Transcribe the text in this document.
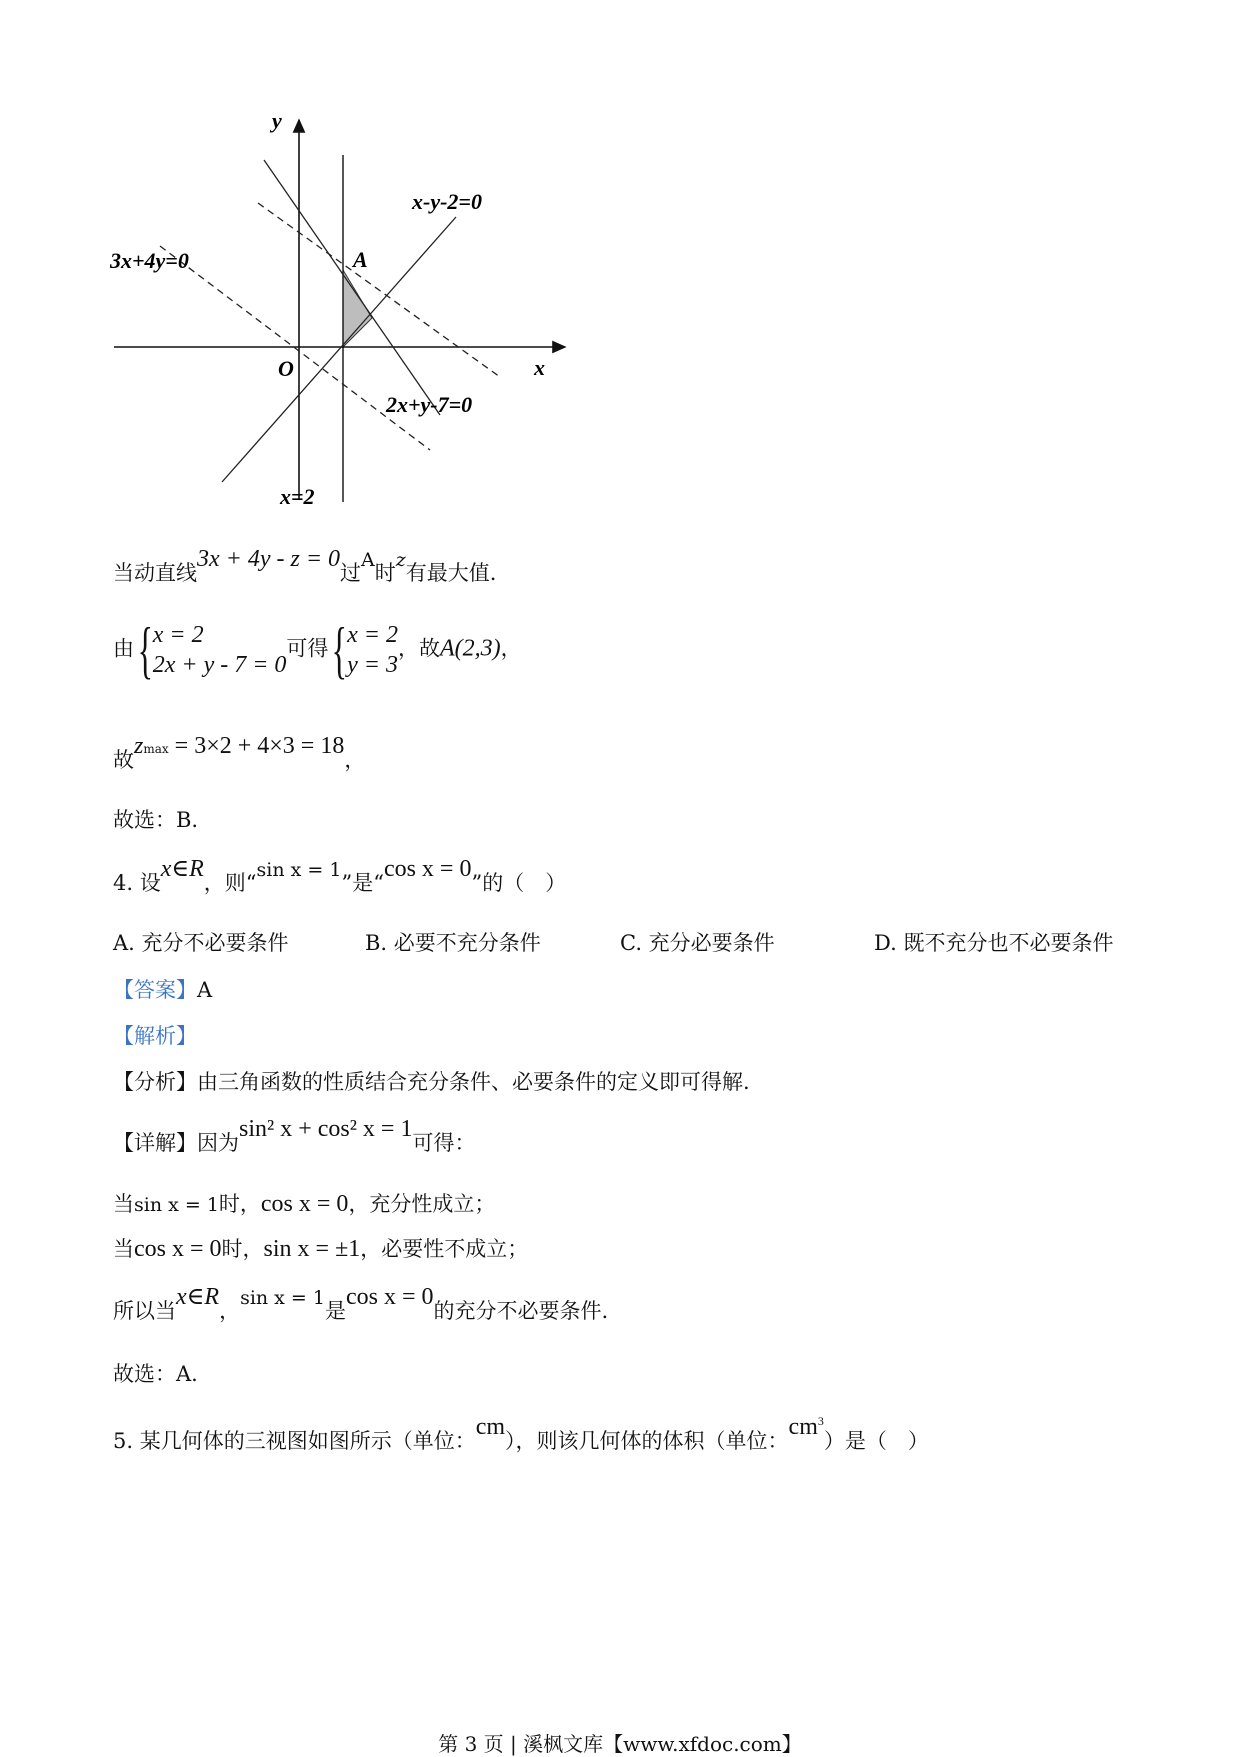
y
x
O
A
x-y-2=0
3x+4y=0
2x+y-7=0
x=2
当动直线3x + 4y - z = 0过A时z有最大值.
由{ x = 2
2x + y - 7 = 0
可得{ x = 2
y = 3
，故A(2,3)，
故zmax = 3×2 + 4×3 = 18，
故选：B.
4. 设x∈R，则“sin x = 1”是“cos x = 0”的（　）
A. 充分不必要条件	B. 必要不充分条件	C. 充分必要条件	D. 既不充分也不必要条件
【答案】A
【解析】
【分析】由三角函数的性质结合充分条件、必要条件的定义即可得解.
【详解】因为sin² x + cos² x = 1可得：
当sin x = 1时，cos x = 0，充分性成立；
当cos x = 0时，sin x = ±1，必要性不成立；
所以当x∈R，sin x = 1是cos x = 0的充分不必要条件.
故选：A.
5. 某几何体的三视图如图所示（单位：cm），则该几何体的体积（单位：$cm^3$）是（　）
第 3 页 | 溪枫文库【www.xfdoc.com】
